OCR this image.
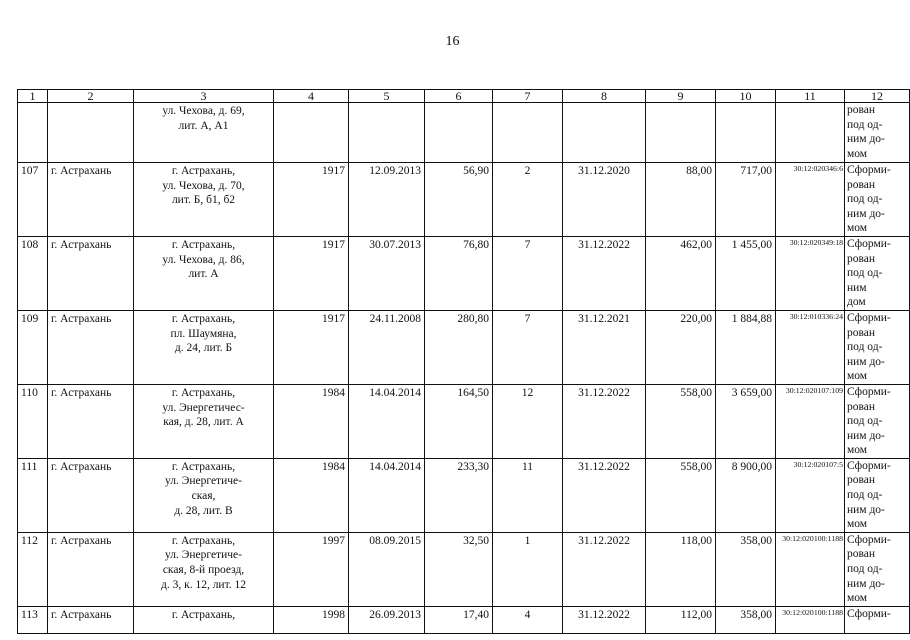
16
1	2	3	4	5	6	7	8	9	10	11	12

		ул. Чехова, д. 69,
лит. А, А1									рован
под од-
ним до-
мом

107	г. Астрахань	г. Астрахань,
ул. Чехова, д. 70,
лит. Б, б1, б2	1917	12.09.2013	56,90	2	31.12.2020	88,00	717,00	30:12:020346:6	Сформи-
рован
под од-
ним до-
мом

108	г. Астрахань	г. Астрахань,
ул. Чехова, д. 86,
лит. А	1917	30.07.2013	76,80	7	31.12.2022	462,00	1 455,00	30:12:020349:18	Сформи-
рован
под од-
ним
дом

109	г. Астрахань	г. Астрахань,
пл. Шаумяна,
д. 24, лит. Б	1917	24.11.2008	280,80	7	31.12.2021	220,00	1 884,88	30:12:010336:24	Сформи-
рован
под од-
ним до-
мом

110	г. Астрахань	г. Астрахань,
ул. Энергетичес-
кая, д. 28, лит. А	1984	14.04.2014	164,50	12	31.12.2022	558,00	3 659,00	30:12:020107:109	Сформи-
рован
под од-
ним до-
мом

111	г. Астрахань	г. Астрахань,
ул. Энергетиче-
ская,
д. 28, лит. В	1984	14.04.2014	233,30	11	31.12.2022	558,00	8 900,00	30:12:020107:5	Сформи-
рован
под од-
ним до-
мом

112	г. Астрахань	г. Астрахань,
ул. Энергетиче-
ская, 8-й проезд,
д. 3, к. 12, лит. 12	1997	08.09.2015	32,50	1	31.12.2022	118,00	358,00	30:12:020100:1188	Сформи-
рован
под од-
ним до-
мом

113	г. Астрахань	г. Астрахань,	1998	26.09.2013	17,40	4	31.12.2022	112,00	358,00	30:12:020100:1188	Сформи-
